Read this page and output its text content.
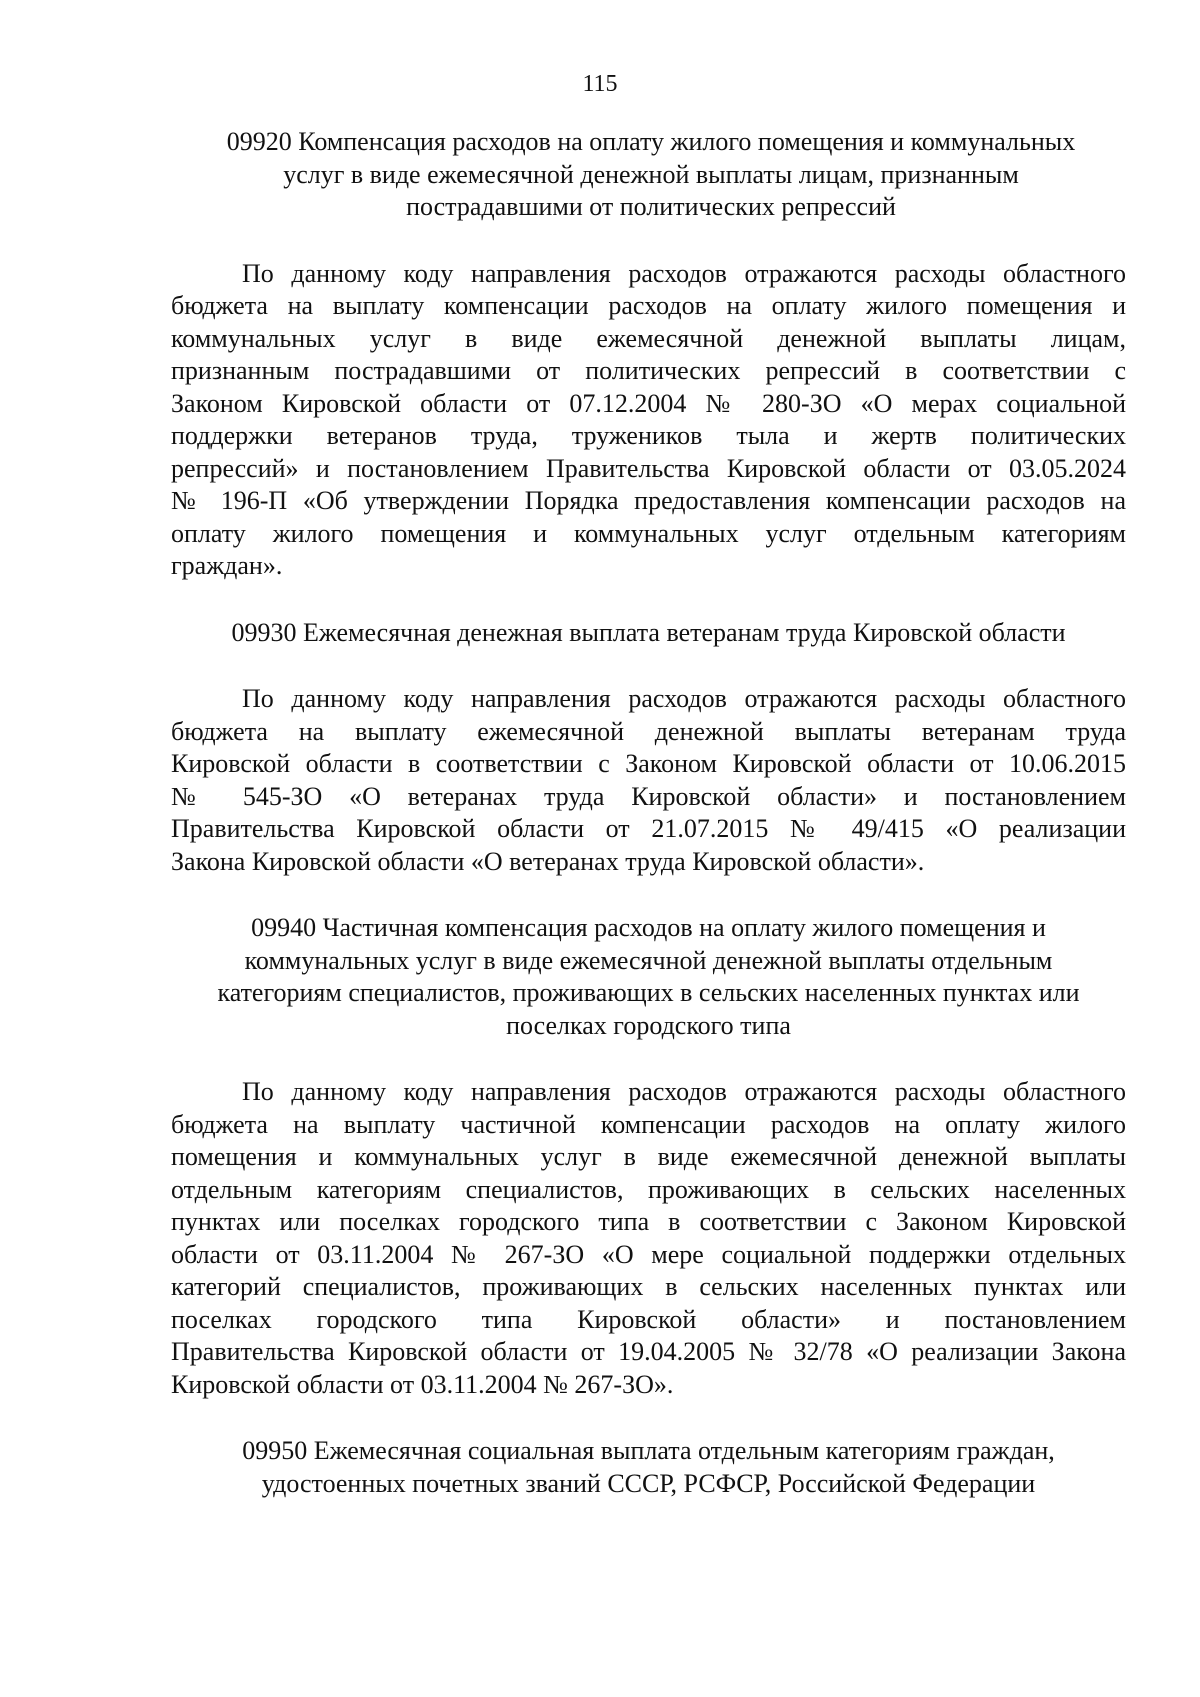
115
09920 Компенсация расходов на оплату жилого помещения и коммунальных
услуг в виде ежемесячной денежной выплаты лицам, признанным
пострадавшими от политических репрессий
По данному коду направления расходов отражаются расходы областного
бюджета на выплату компенсации расходов на оплату жилого помещения и
коммунальных услуг в виде ежемесячной денежной выплаты лицам,
признанным пострадавшими от политических репрессий в соответствии с
Законом Кировской области от 07.12.2004 № 280-ЗО «О мерах социальной
поддержки ветеранов труда, тружеников тыла и жертв политических
репрессий» и постановлением Правительства Кировской области от 03.05.2024
№ 196-П «Об утверждении Порядка предоставления компенсации расходов на
оплату жилого помещения и коммунальных услуг отдельным категориям
граждан».
09930 Ежемесячная денежная выплата ветеранам труда Кировской области
По данному коду направления расходов отражаются расходы областного
бюджета на выплату ежемесячной денежной выплаты ветеранам труда
Кировской области в соответствии с Законом Кировской области от 10.06.2015
№ 545-ЗО «О ветеранах труда Кировской области» и постановлением
Правительства Кировской области от 21.07.2015 № 49/415 «О реализации
Закона Кировской области «О ветеранах труда Кировской области».
09940 Частичная компенсация расходов на оплату жилого помещения и
коммунальных услуг в виде ежемесячной денежной выплаты отдельным
категориям специалистов, проживающих в сельских населенных пунктах или
поселках городского типа
По данному коду направления расходов отражаются расходы областного
бюджета на выплату частичной компенсации расходов на оплату жилого
помещения и коммунальных услуг в виде ежемесячной денежной выплаты
отдельным категориям специалистов, проживающих в сельских населенных
пунктах или поселках городского типа в соответствии с Законом Кировской
области от 03.11.2004 № 267-ЗО «О мере социальной поддержки отдельных
категорий специалистов, проживающих в сельских населенных пунктах или
поселках городского типа Кировской области» и постановлением
Правительства Кировской области от 19.04.2005 № 32/78 «О реализации Закона
Кировской области от 03.11.2004 № 267-ЗО».
09950 Ежемесячная социальная выплата отдельным категориям граждан,
удостоенных почетных званий СССР, РСФСР, Российской Федерации
